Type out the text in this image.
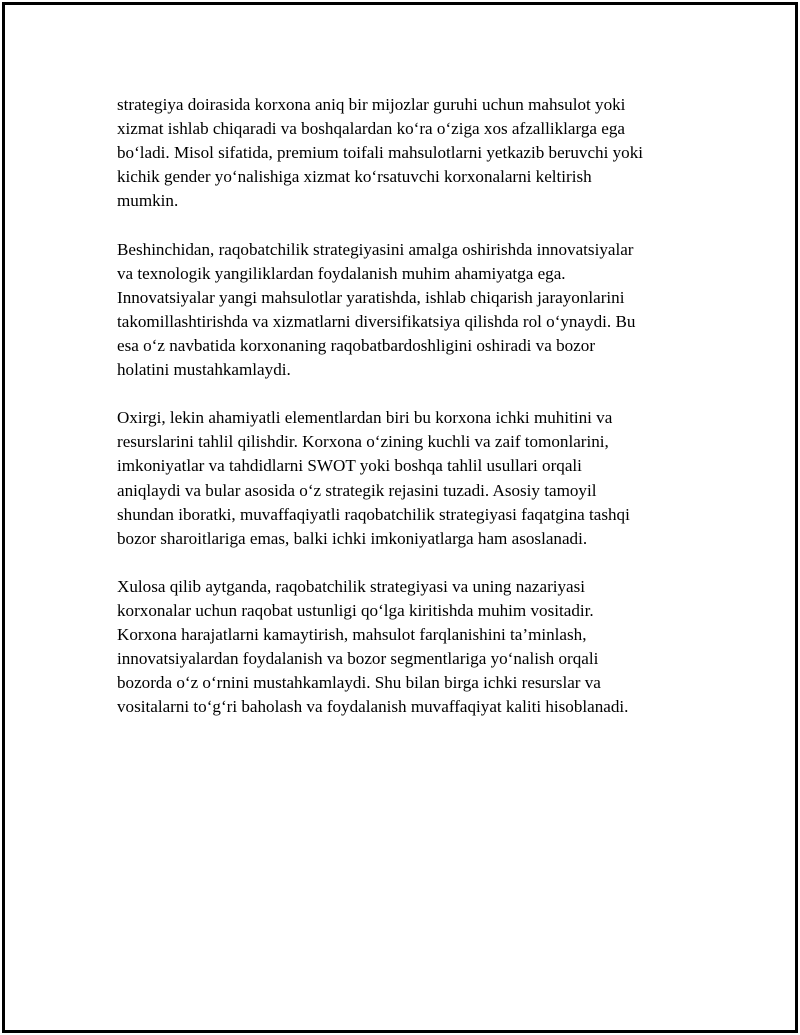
strategiya doirasida korxona aniq bir mijozlar guruhi uchun mahsulot yoki
xizmat ishlab chiqaradi va boshqalardan ko‘ra o‘ziga xos afzalliklarga ega
bo‘ladi. Misol sifatida, premium toifali mahsulotlarni yetkazib beruvchi yoki
kichik gender yo‘nalishiga xizmat ko‘rsatuvchi korxonalarni keltirish
mumkin.

Beshinchidan, raqobatchilik strategiyasini amalga oshirishda innovatsiyalar
va texnologik yangiliklardan foydalanish muhim ahamiyatga ega.
Innovatsiyalar yangi mahsulotlar yaratishda, ishlab chiqarish jarayonlarini
takomillashtirishda va xizmatlarni diversifikatsiya qilishda rol o‘ynaydi. Bu
esa o‘z navbatida korxonaning raqobatbardoshligini oshiradi va bozor
holatini mustahkamlaydi.

Oxirgi, lekin ahamiyatli elementlardan biri bu korxona ichki muhitini va
resurslarini tahlil qilishdir. Korxona o‘zining kuchli va zaif tomonlarini,
imkoniyatlar va tahdidlarni SWOT yoki boshqa tahlil usullari orqali
aniqlaydi va bular asosida o‘z strategik rejasini tuzadi. Asosiy tamoyil
shundan iboratki, muvaffaqiyatli raqobatchilik strategiyasi faqatgina tashqi
bozor sharoitlariga emas, balki ichki imkoniyatlarga ham asoslanadi.

Xulosa qilib aytganda, raqobatchilik strategiyasi va uning nazariyasi
korxonalar uchun raqobat ustunligi qo‘lga kiritishda muhim vositadir.
Korxona harajatlarni kamaytirish, mahsulot farqlanishini ta’minlash,
innovatsiyalardan foydalanish va bozor segmentlariga yo‘nalish orqali
bozorda o‘z o‘rnini mustahkamlaydi. Shu bilan birga ichki resurslar va
vositalarni to‘g‘ri baholash va foydalanish muvaffaqiyat kaliti hisoblanadi.
